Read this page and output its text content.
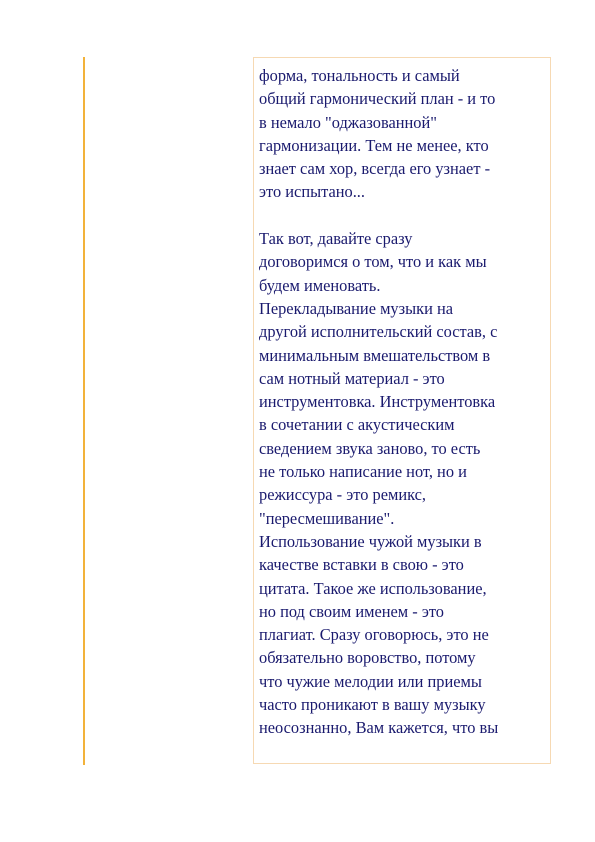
форма, тональность и самый
общий гармонический план - и то
в немало "оджазованной"
гармонизации. Тем не менее, кто
знает сам хор, всегда его узнает -
это испытано...

Так вот, давайте сразу
договоримся о том, что и как мы
будем именовать.
Перекладывание музыки на
другой исполнительский состав, с
минимальным вмешательством в
сам нотный материал - это
инструментовка. Инструментовка
в сочетании с акустическим
сведением звука заново, то есть
не только написание нот, но и
режиссура - это ремикс,
"пересмешивание".
Использование чужой музыки в
качестве вставки в свою - это
цитата. Такое же использование,
но под своим именем - это
плагиат. Сразу оговорюсь, это не
обязательно воровство, потому
что чужие мелодии или приемы
часто проникают в вашу музыку
неосознанно, Вам кажется, что вы
